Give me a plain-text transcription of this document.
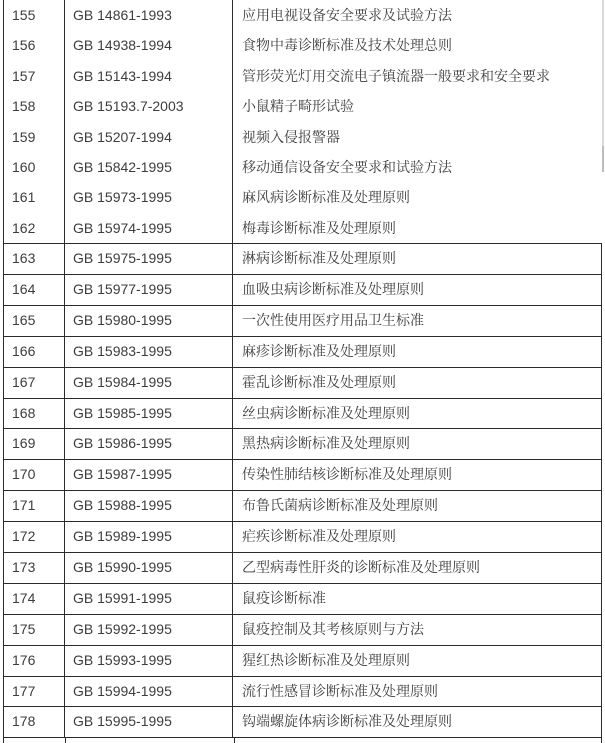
155	GB 14861-1993	应用电视设备安全要求及试验方法
156	GB 14938-1994	食物中毒诊断标准及技术处理总则
157	GB 15143-1994	管形荧光灯用交流电子镇流器一般要求和安全要求
158	GB 15193.7-2003	小鼠精子畸形试验
159	GB 15207-1994	视频入侵报警器
160	GB 15842-1995	移动通信设备安全要求和试验方法
161	GB 15973-1995	麻风病诊断标准及处理原则
162	GB 15974-1995	梅毒诊断标准及处理原则
163	GB 15975-1995	淋病诊断标准及处理原则
164	GB 15977-1995	血吸虫病诊断标准及处理原则
165	GB 15980-1995	一次性使用医疗用品卫生标准
166	GB 15983-1995	麻疹诊断标准及处理原则
167	GB 15984-1995	霍乱诊断标准及处理原则
168	GB 15985-1995	丝虫病诊断标准及处理原则
169	GB 15986-1995	黑热病诊断标准及处理原则
170	GB 15987-1995	传染性肺结核诊断标准及处理原则
171	GB 15988-1995	布鲁氏菌病诊断标准及处理原则
172	GB 15989-1995	疟疾诊断标准及处理原则
173	GB 15990-1995	乙型病毒性肝炎的诊断标准及处理原则
174	GB 15991-1995	鼠疫诊断标准
175	GB 15992-1995	鼠疫控制及其考核原则与方法
176	GB 15993-1995	猩红热诊断标准及处理原则
177	GB 15994-1995	流行性感冒诊断标准及处理原则
178	GB 15995-1995	钩端螺旋体病诊断标准及处理原则
